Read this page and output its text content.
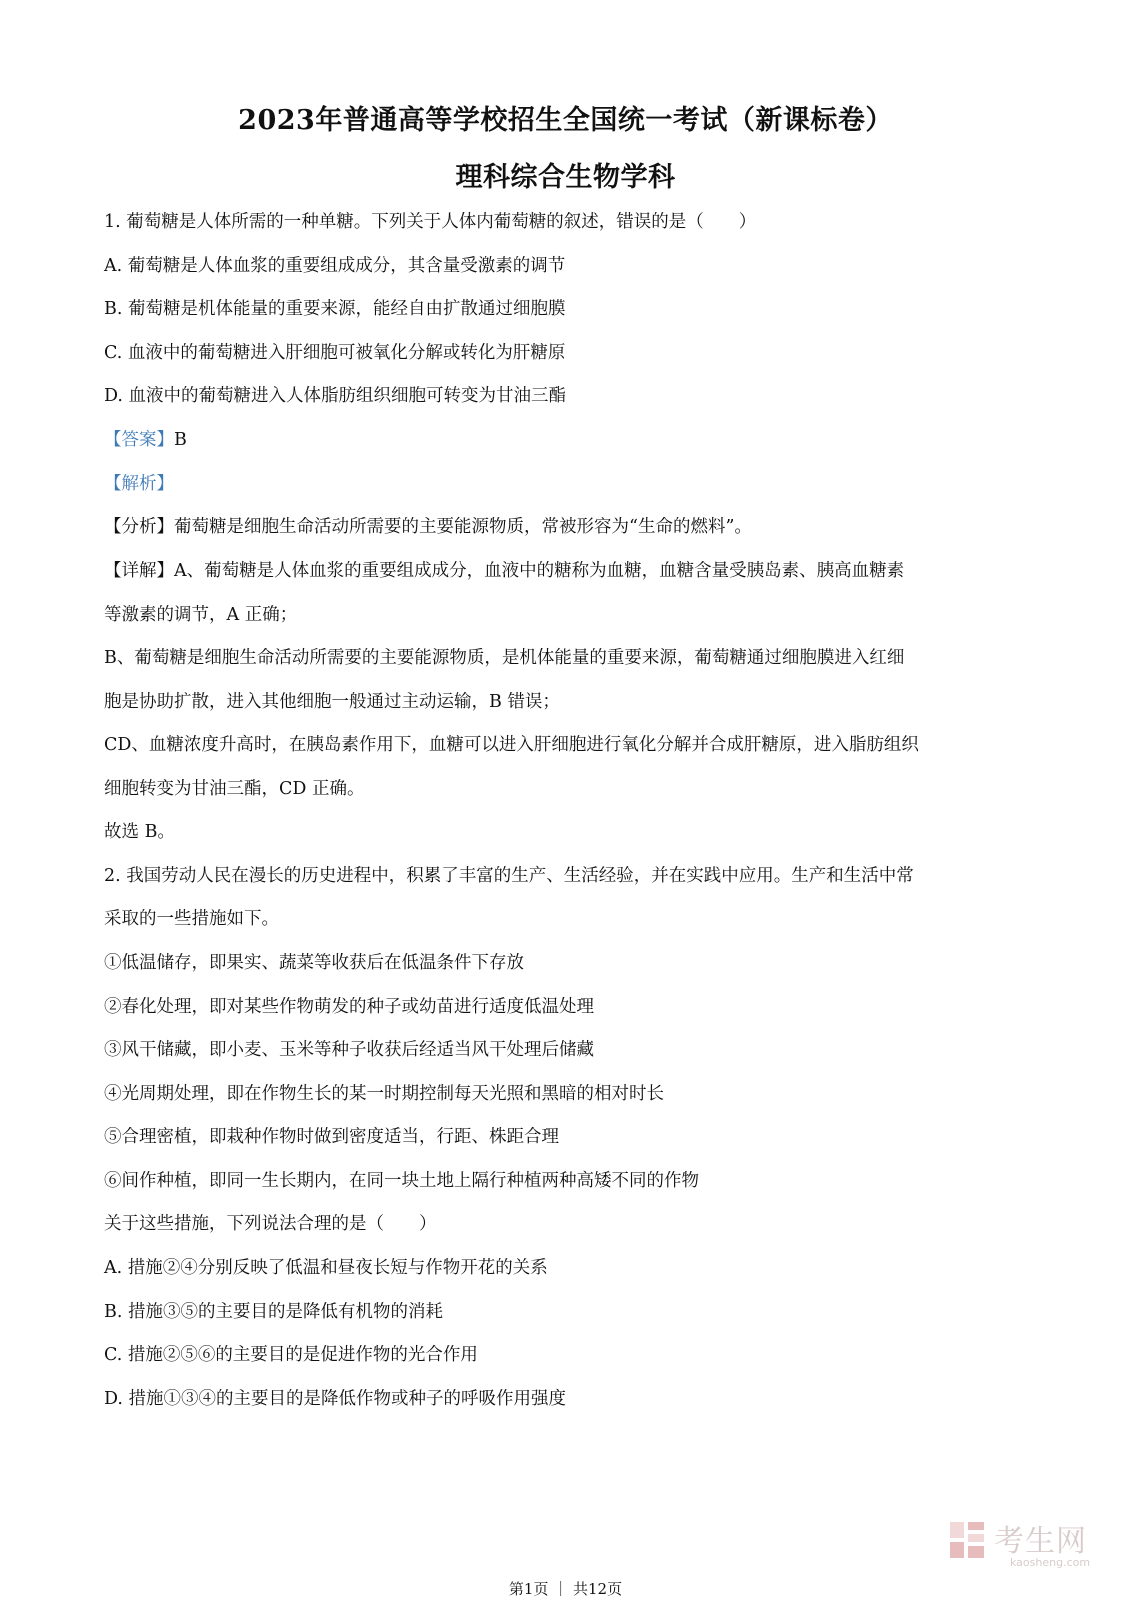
2023年普通高等学校招生全国统一考试（新课标卷）
理科综合生物学科
1. 葡萄糖是人体所需的一种单糖。下列关于人体内葡萄糖的叙述，错误的是（　　）
A. 葡萄糖是人体血浆的重要组成成分，其含量受激素的调节
B. 葡萄糖是机体能量的重要来源，能经自由扩散通过细胞膜
C. 血液中的葡萄糖进入肝细胞可被氧化分解或转化为肝糖原
D. 血液中的葡萄糖进入人体脂肪组织细胞可转变为甘油三酯
【答案】B
【解析】
【分析】葡萄糖是细胞生命活动所需要的主要能源物质，常被形容为“生命的燃料”。
【详解】A、葡萄糖是人体血浆的重要组成成分，血液中的糖称为血糖，血糖含量受胰岛素、胰高血糖素
等激素的调节，A 正确；
B、葡萄糖是细胞生命活动所需要的主要能源物质，是机体能量的重要来源，葡萄糖通过细胞膜进入红细
胞是协助扩散，进入其他细胞一般通过主动运输，B 错误；
CD、血糖浓度升高时，在胰岛素作用下，血糖可以进入肝细胞进行氧化分解并合成肝糖原，进入脂肪组织
细胞转变为甘油三酯，CD 正确。
故选 B。
2. 我国劳动人民在漫长的历史进程中，积累了丰富的生产、生活经验，并在实践中应用。生产和生活中常
采取的一些措施如下。
①低温储存，即果实、蔬菜等收获后在低温条件下存放
②春化处理，即对某些作物萌发的种子或幼苗进行适度低温处理
③风干储藏，即小麦、玉米等种子收获后经适当风干处理后储藏
④光周期处理，即在作物生长的某一时期控制每天光照和黑暗的相对时长
⑤合理密植，即栽种作物时做到密度适当，行距、株距合理
⑥间作种植，即同一生长期内，在同一块土地上隔行种植两种高矮不同的作物
关于这些措施，下列说法合理的是（　　）
A. 措施②④分别反映了低温和昼夜长短与作物开花的关系
B. 措施③⑤的主要目的是降低有机物的消耗
C. 措施②⑤⑥的主要目的是促进作物的光合作用
D. 措施①③④的主要目的是降低作物或种子的呼吸作用强度
考生网
kaosheng.com
第1页 ｜ 共12页
